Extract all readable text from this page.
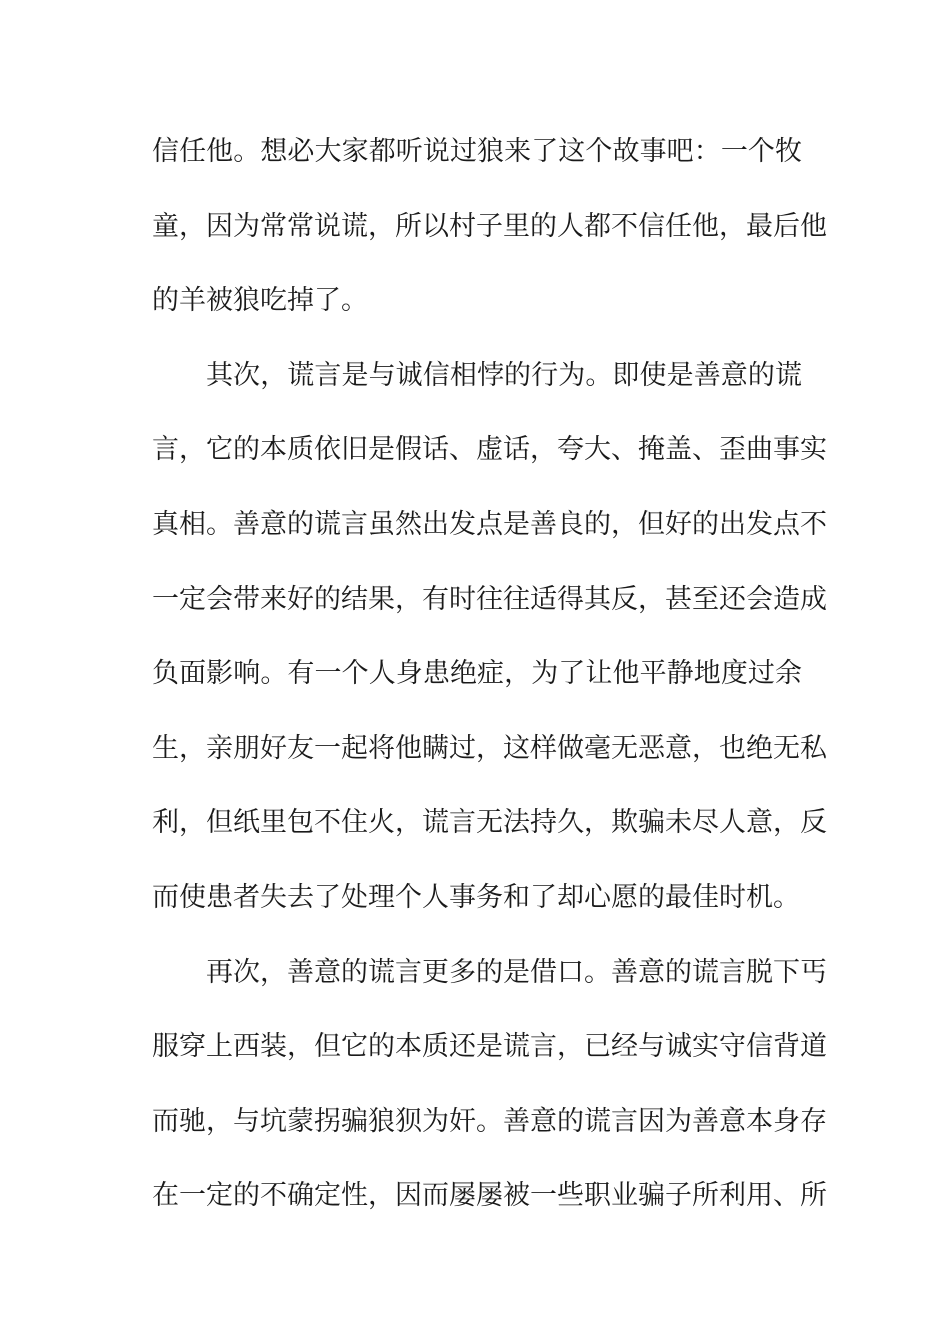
信任他。想必大家都听说过狼来了这个故事吧：一个牧
童，因为常常说谎，所以村子里的人都不信任他，最后他
的羊被狼吃掉了。
其次，谎言是与诚信相悖的行为。即使是善意的谎
言，它的本质依旧是假话、虚话，夸大、掩盖、歪曲事实
真相。善意的谎言虽然出发点是善良的，但好的出发点不
一定会带来好的结果，有时往往适得其反，甚至还会造成
负面影响。有一个人身患绝症，为了让他平静地度过余
生，亲朋好友一起将他瞒过，这样做毫无恶意，也绝无私
利，但纸里包不住火，谎言无法持久，欺骗未尽人意，反
而使患者失去了处理个人事务和了却心愿的最佳时机。
再次，善意的谎言更多的是借口。善意的谎言脱下丐
服穿上西装，但它的本质还是谎言，已经与诚实守信背道
而驰，与坑蒙拐骗狼狈为奸。善意的谎言因为善意本身存
在一定的不确定性，因而屡屡被一些职业骗子所利用、所
